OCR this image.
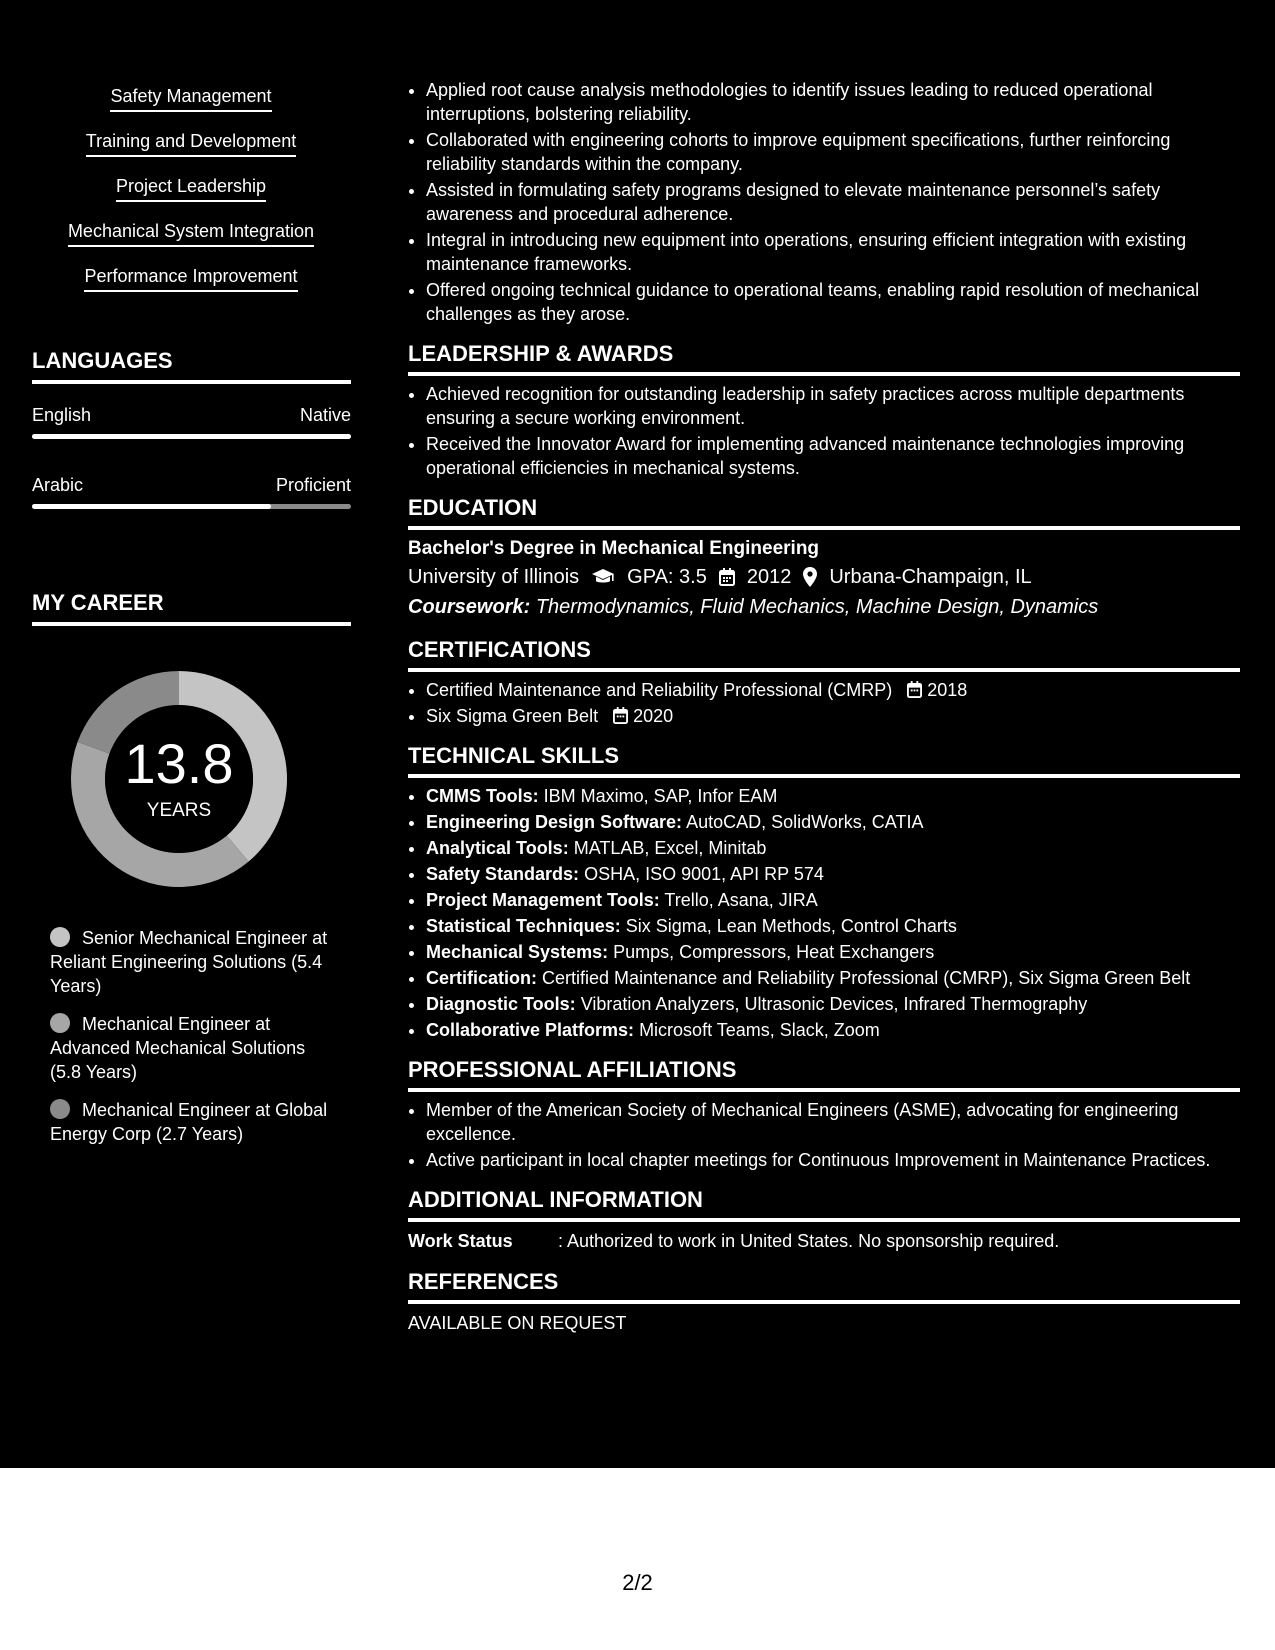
Safety Management
Training and Development
Project Leadership
Mechanical System Integration
Performance Improvement
LANGUAGES
English	Native
Arabic	Proficient
MY CAREER
13.8
YEARS
Senior Mechanical Engineer at Reliant Engineering Solutions (5.4 Years)
Mechanical Engineer at Advanced Mechanical Solutions (5.8 Years)
Mechanical Engineer at Global Energy Corp (2.7 Years)
• Applied root cause analysis methodologies to identify issues leading to reduced operational interruptions, bolstering reliability.
• Collaborated with engineering cohorts to improve equipment specifications, further reinforcing reliability standards within the company.
• Assisted in formulating safety programs designed to elevate maintenance personnel’s safety awareness and procedural adherence.
• Integral in introducing new equipment into operations, ensuring efficient integration with existing maintenance frameworks.
• Offered ongoing technical guidance to operational teams, enabling rapid resolution of mechanical challenges as they arose.
LEADERSHIP & AWARDS
• Achieved recognition for outstanding leadership in safety practices across multiple departments ensuring a secure working environment.
• Received the Innovator Award for implementing advanced maintenance technologies improving operational efficiencies in mechanical systems.
EDUCATION
Bachelor's Degree in Mechanical Engineering
University of Illinois GPA: 3.5 2012 Urbana-Champaign, IL
Coursework: Thermodynamics, Fluid Mechanics, Machine Design, Dynamics
CERTIFICATIONS
• Certified Maintenance and Reliability Professional (CMRP) 2018
• Six Sigma Green Belt 2020
TECHNICAL SKILLS
• CMMS Tools: IBM Maximo, SAP, Infor EAM
• Engineering Design Software: AutoCAD, SolidWorks, CATIA
• Analytical Tools: MATLAB, Excel, Minitab
• Safety Standards: OSHA, ISO 9001, API RP 574
• Project Management Tools: Trello, Asana, JIRA
• Statistical Techniques: Six Sigma, Lean Methods, Control Charts
• Mechanical Systems: Pumps, Compressors, Heat Exchangers
• Certification: Certified Maintenance and Reliability Professional (CMRP), Six Sigma Green Belt
• Diagnostic Tools: Vibration Analyzers, Ultrasonic Devices, Infrared Thermography
• Collaborative Platforms: Microsoft Teams, Slack, Zoom
PROFESSIONAL AFFILIATIONS
• Member of the American Society of Mechanical Engineers (ASME), advocating for engineering excellence.
• Active participant in local chapter meetings for Continuous Improvement in Maintenance Practices.
ADDITIONAL INFORMATION
Work Status	: Authorized to work in United States. No sponsorship required.
REFERENCES
AVAILABLE ON REQUEST
2/2
